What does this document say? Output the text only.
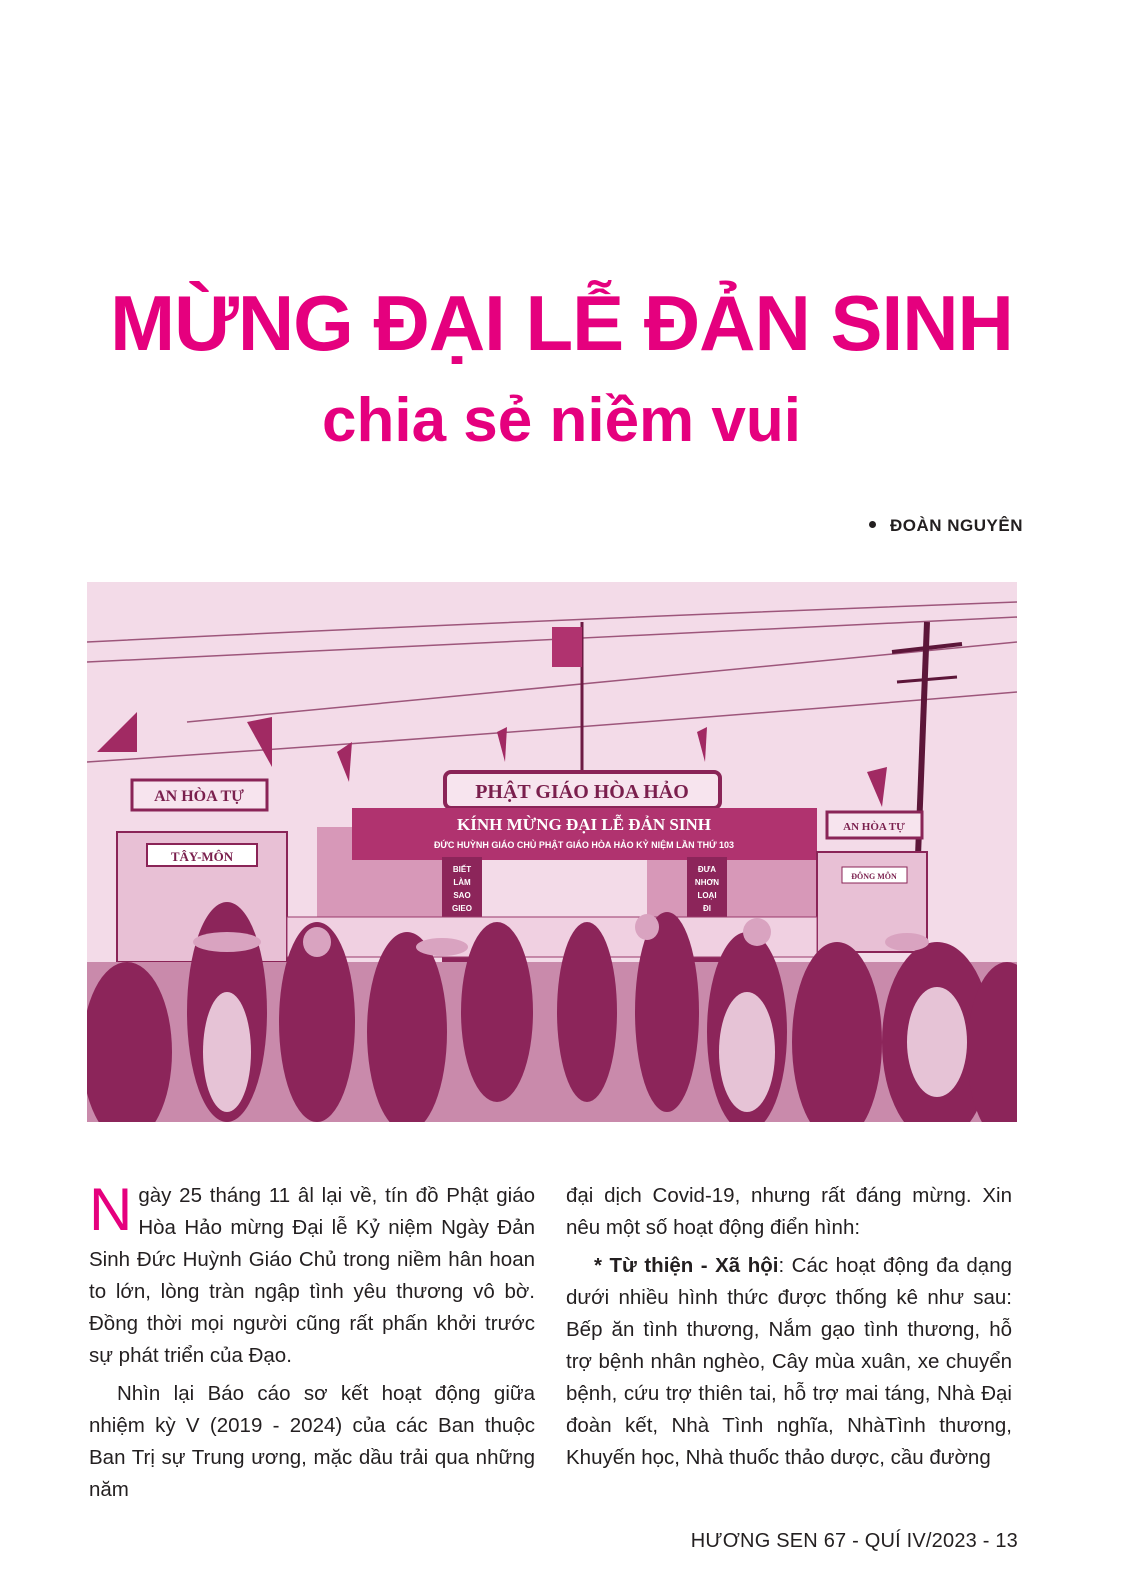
MỪNG ĐẠI LỄ ĐẢN SINH
chia sẻ niềm vui
ĐOÀN NGUYÊN
PHẬT GIÁO HÒA HẢO
KÍNH MỪNG ĐẠI LỄ ĐẢN SINH
ĐỨC HUỲNH GIÁO CHỦ PHẬT GIÁO HÒA HẢO KỶ NIỆM LẦN THỨ 103
BIẾT
LÀM
SAO
GIEO
ĐƯA
NHƠN
LOẠI
ĐI
AN HÒA TỰ
TÂY-MÔN
AN HÒA TỰ
ĐÔNG MÔN

Ngày 25 tháng 11 âl lại về, tín đồ Phật giáo Hòa Hảo mừng Đại lễ Kỷ niệm Ngày Đản Sinh Đức Huỳnh Giáo Chủ trong niềm hân hoan to lớn, lòng tràn ngập tình yêu thương vô bờ. Đồng thời mọi người cũng rất phấn khởi trước sự phát triển của Đạo.

Nhìn lại Báo cáo sơ kết hoạt động giữa nhiệm kỳ V (2019 - 2024) của các Ban thuộc Ban Trị sự Trung ương, mặc dầu trải qua những năm

đại dịch Covid-19, nhưng rất đáng mừng. Xin nêu một số hoạt động điển hình:

* Từ thiện - Xã hội: Các hoạt động đa dạng dưới nhiều hình thức được thống kê như sau: Bếp ăn tình thương, Nắm gạo tình thương, hỗ trợ bệnh nhân nghèo, Cây mùa xuân, xe chuyển bệnh, cứu trợ thiên tai, hỗ trợ mai táng, Nhà Đại đoàn kết, Nhà Tình nghĩa, NhàTình thương, Khuyến học, Nhà thuốc thảo dược, cầu đường

HƯƠNG SEN 67 - QUÍ IV/2023 - 13
